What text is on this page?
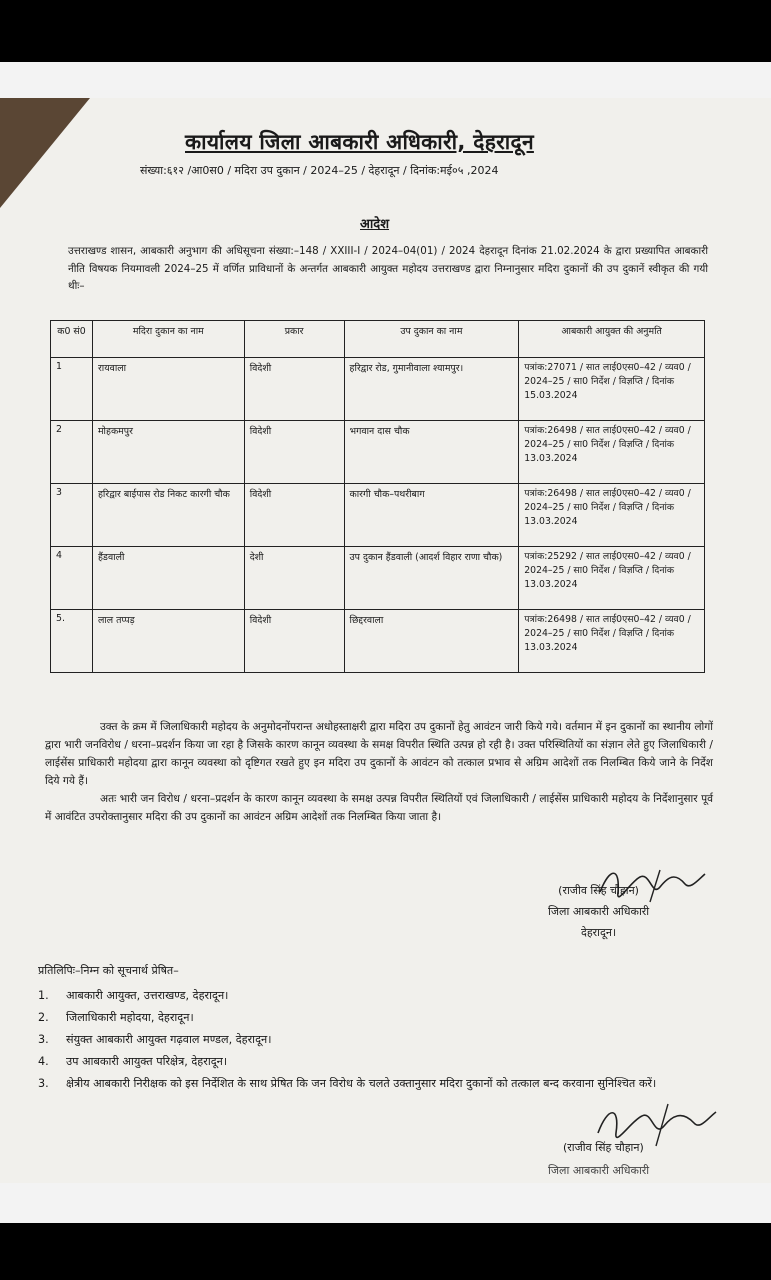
कार्यालय जिला आबकारी अधिकारी, देहरादून
संख्या:६१२ /आ0स0 / मदिरा उप दुकान / 2024–25 / देहरादून / दिनांक:मई०५ ,2024
आदेश
उत्तराखण्ड शासन, आबकारी अनुभाग की अधिसूचना संख्या:–148 / XXIII-I / 2024–04(01) / 2024 देहरादून दिनांक 21.02.2024 के द्वारा प्रख्यापित आबकारी नीति विषयक नियमावली 2024–25 में वर्णित प्राविधानों के अन्तर्गत आबकारी आयुक्त महोदय उत्तराखण्ड द्वारा निम्नानुसार मदिरा दुकानों की उप दुकानें स्वीकृत की गयी थीः–
क0 सं0	मदिरा दुकान का नाम	प्रकार	उप दुकान का नाम	आबकारी आयुक्त की अनुमति
1	रायवाला	विदेशी	हरिद्वार रोड, गुमानीवाला श्यामपुर।	पत्रांक:27071 / सात लाई0एस0–42 / व्यव0 / 2024–25 / सा0 निर्देश / विज्ञप्ति / दिनांक 15.03.2024
2	मोहकमपुर	विदेशी	भगवान दास चौक	पत्रांक:26498 / सात लाई0एस0–42 / व्यव0 / 2024–25 / सा0 निर्देश / विज्ञप्ति / दिनांक 13.03.2024
3	हरिद्वार बाईपास रोड निकट कारगी चौक	विदेशी	कारगी चौक–पथरीबाग	पत्रांक:26498 / सात लाई0एस0–42 / व्यव0 / 2024–25 / सा0 निर्देश / विज्ञप्ति / दिनांक 13.03.2024
4	हैंडवाली	देशी	उप दुकान हैंडवाली (आदर्श विहार राणा चौक)	पत्रांक:25292 / सात लाई0एस0–42 / व्यव0 / 2024–25 / सा0 निर्देश / विज्ञप्ति / दिनांक 13.03.2024
5.	लाल तप्पड़	विदेशी	छिद्दरवाला	पत्रांक:26498 / सात लाई0एस0–42 / व्यव0 / 2024–25 / सा0 निर्देश / विज्ञप्ति / दिनांक 13.03.2024
उक्त के क्रम में जिलाधिकारी महोदय के अनुमोदनोंपरान्त अधोहस्ताक्षरी द्वारा मदिरा उप दुकानों हेतु आवंटन जारी किये गये। वर्तमान में इन दुकानों का स्थानीय लोगों द्वारा भारी जनविरोध / धरना–प्रदर्शन किया जा रहा है जिसके कारण कानून व्यवस्था के समक्ष विपरीत स्थिति उत्पन्न हो रही है। उक्त परिस्थितियों का संज्ञान लेते हुए जिलाधिकारी / लाईसेंस प्राधिकारी महोदया द्वारा कानून व्यवस्था को दृष्टिगत रखते हुए इन मदिरा उप दुकानों के आवंटन को तत्काल प्रभाव से अग्रिम आदेशों तक निलम्बित किये जाने के निर्देश दिये गये हैं।
अतः भारी जन विरोध / धरना–प्रदर्शन के कारण कानून व्यवस्था के समक्ष उत्पन्न विपरीत स्थितियों एवं जिलाधिकारी / लाईसेंस प्राधिकारी महोदय के निर्देशानुसार पूर्व में आवंटित उपरोक्तानुसार मदिरा की उप दुकानों का आवंटन अग्रिम आदेशों तक निलम्बित किया जाता है।
(राजीव सिंह चौहान)
जिला आबकारी अधिकारी
देहरादून।
प्रतिलिपिः–निम्न को सूचनार्थ प्रेषित–
1.	आबकारी आयुक्त, उत्तराखण्ड, देहरादून।
2.	जिलाधिकारी महोदया, देहरादून।
3.	संयुक्त आबकारी आयुक्त गढ़वाल मण्डल, देहरादून।
4.	उप आबकारी आयुक्त परिक्षेत्र, देहरादून।
3.	क्षेत्रीय आबकारी निरीक्षक को इस निर्देशित के साथ प्रेषित कि जन विरोध के चलते उक्तानुसार मदिरा दुकानों को तत्काल बन्द करवाना सुनिश्चित करें।
(राजीव सिंह चौहान)
जिला आबकारी अधिकारी
